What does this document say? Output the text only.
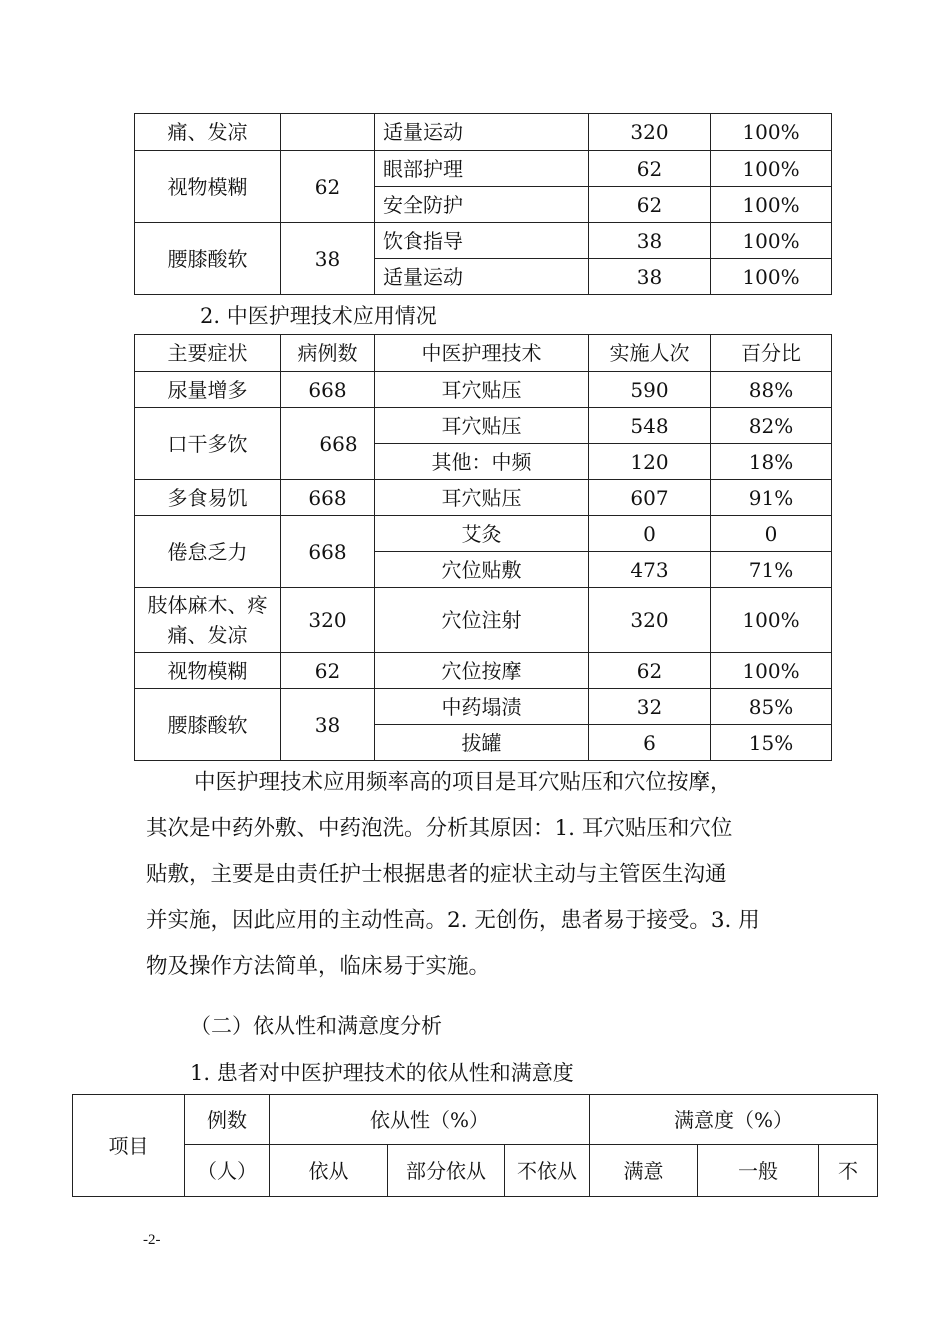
痛、发凉		适量运动	320	100%
视物模糊	62	眼部护理	62	100%
		安全防护	62	100%
腰膝酸软	38	饮食指导	38	100%
		适量运动	38	100%
2. 中医护理技术应用情况
主要症状	病例数	中医护理技术	实施人次	百分比
尿量增多	668	耳穴贴压	590	88%
口干多饮	668	耳穴贴压	548	82%
		其他：中频	120	18%
多食易饥	668	耳穴贴压	607	91%
倦怠乏力	668	艾灸	0	0
		穴位贴敷	473	71%

肢体麻木、疼
痛、发凉	320	穴位注射	320	100%
视物模糊	62	穴位按摩	62	100%
腰膝酸软	38	中药塌渍	32	85%
		拔罐	6	15%

中医护理技术应用频率高的项目是耳穴贴压和穴位按摩，

其次是中药外敷、中药泡洗。分析其原因：1. 耳穴贴压和穴位

贴敷，主要是由责任护士根据患者的症状主动与主管医生沟通

并实施，因此应用的主动性高。2. 无创伤，患者易于接受。3. 用

物及操作方法简单，临床易于实施。

（二）依从性和满意度分析
1. 患者对中医护理技术的依从性和满意度
项目	例数	依从性（%）			满意度（%）		
	（人）	依从	部分依从	不依从	满意	一般	不
-2-
